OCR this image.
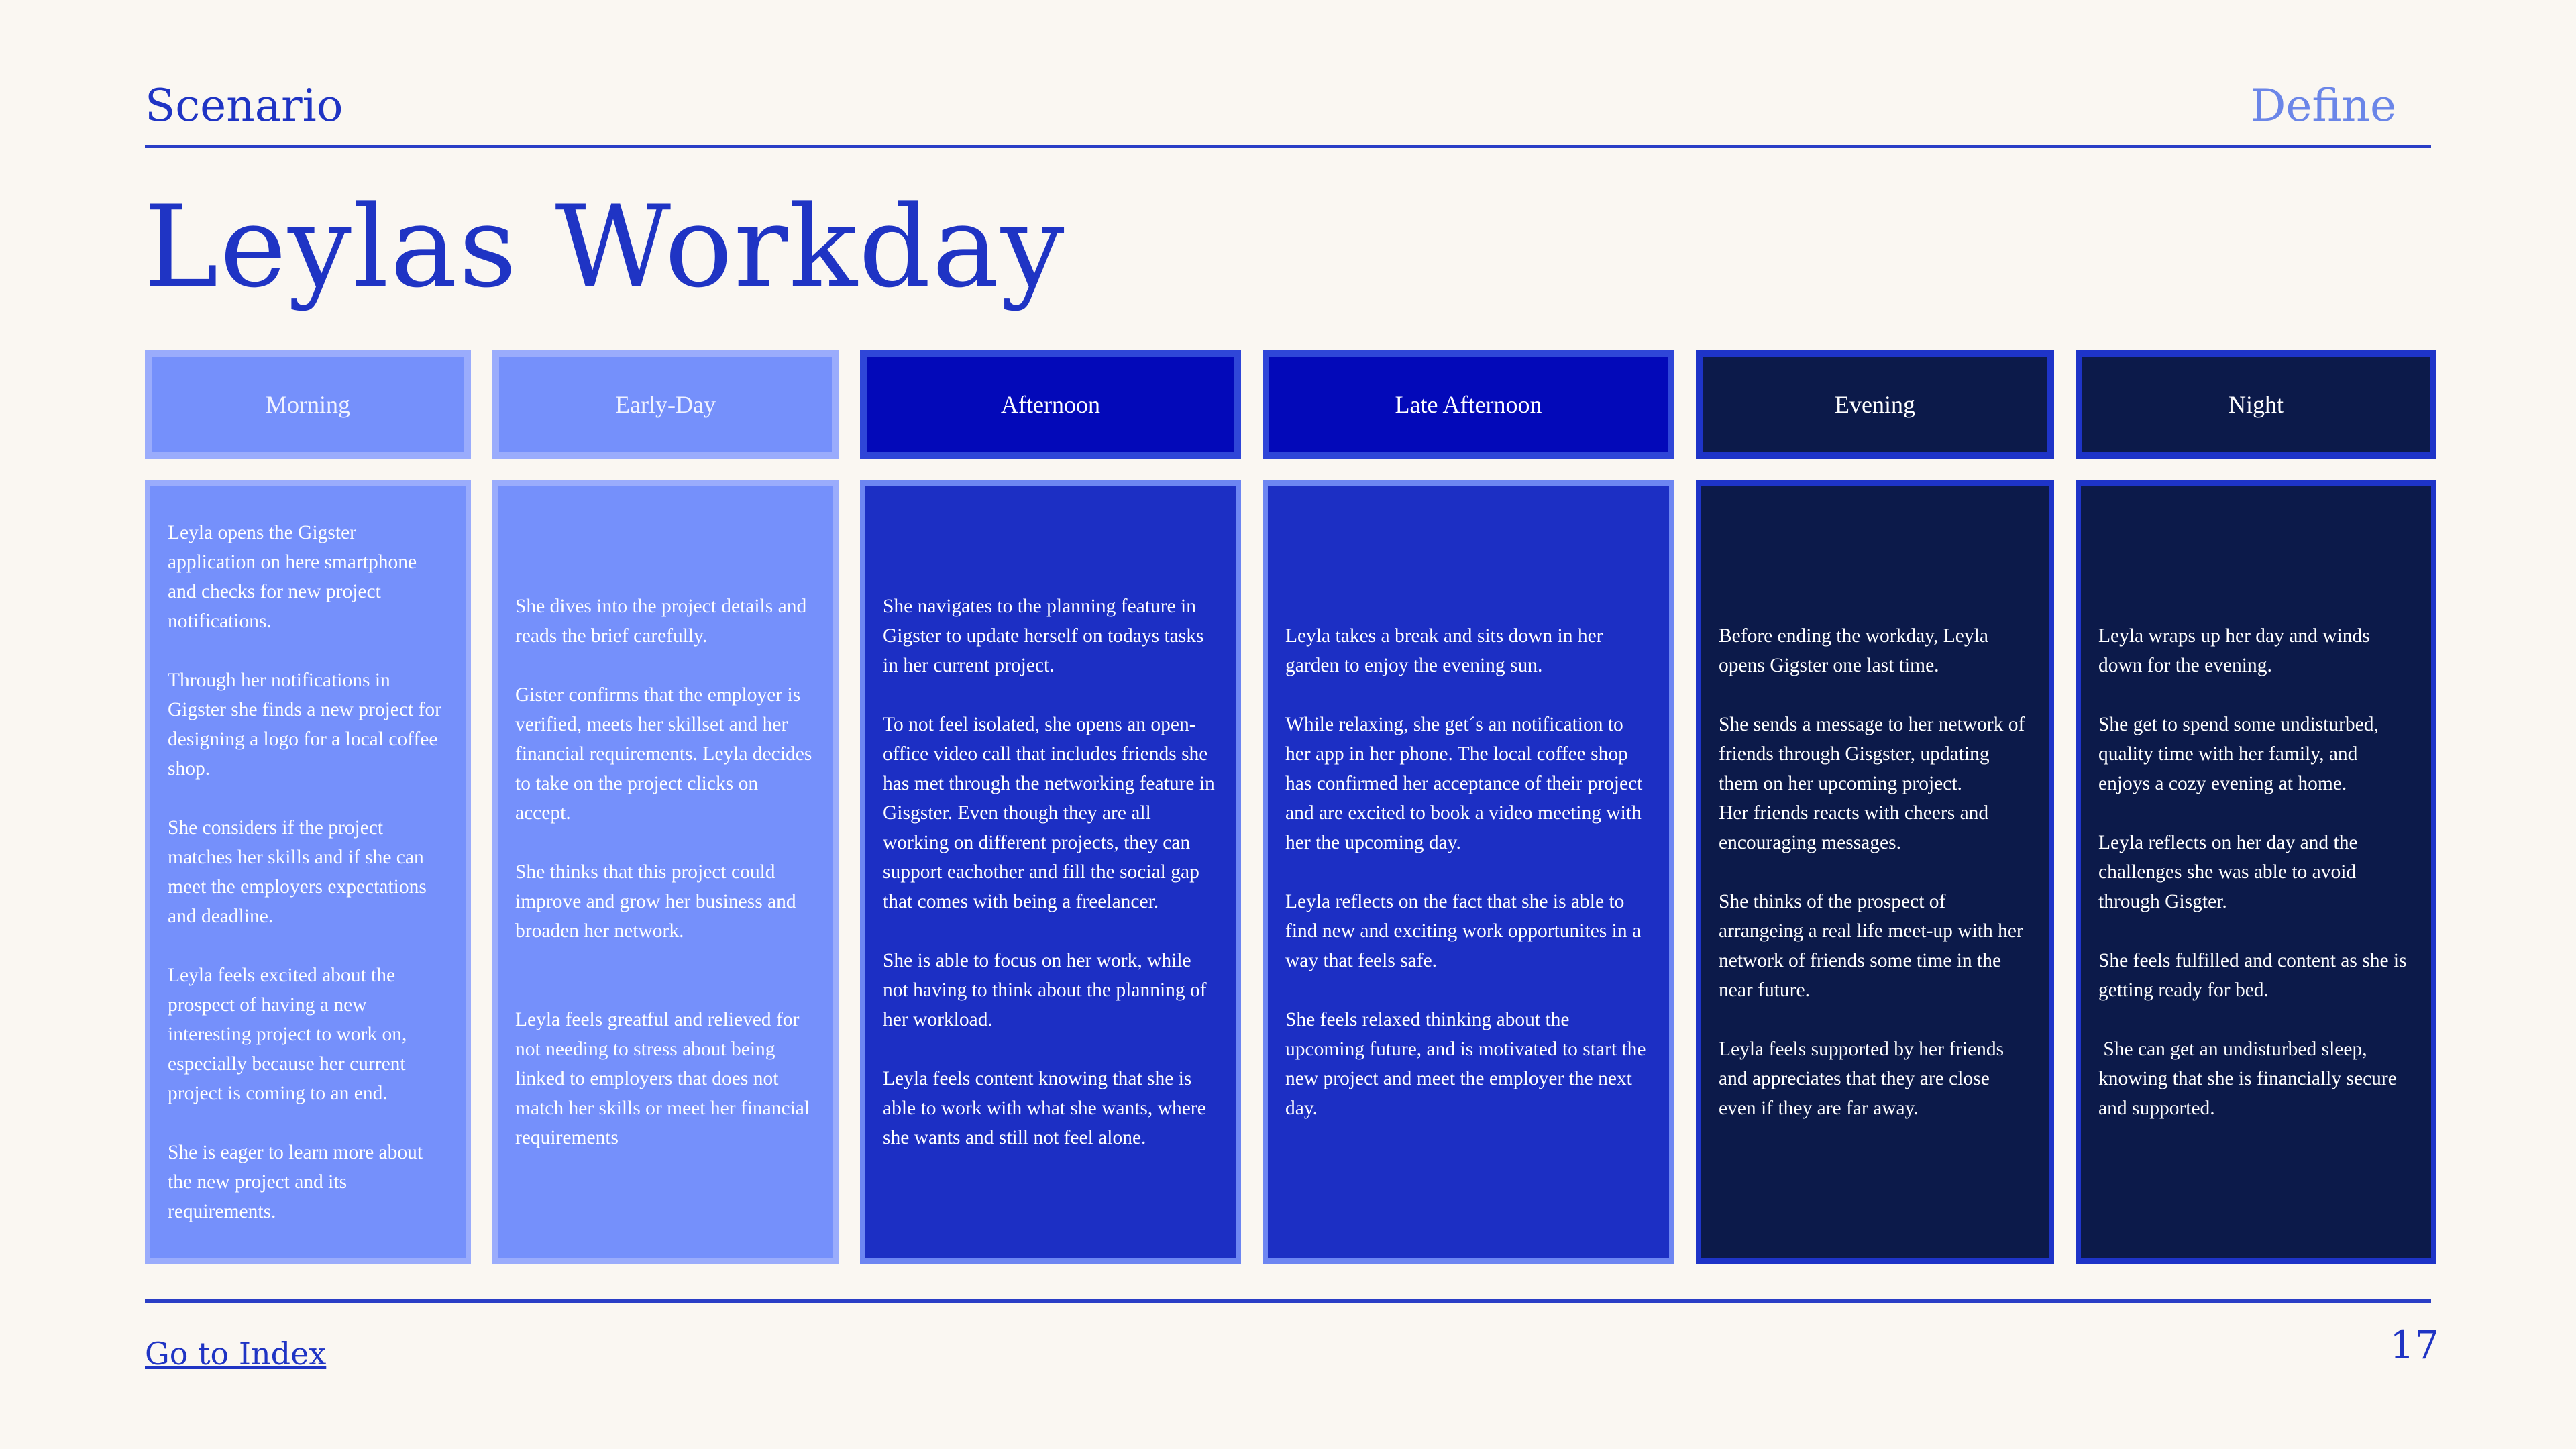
Scenario	Define
Leylas Workday
Morning
Leyla opens the Gigster application on here smartphone and checks for new project notifications.

Through her notifications in Gigster she finds a new project for designing a logo for a local coffee shop.

She considers if the project matches her skills and if she can meet the employers expectations and deadline.

Leyla feels excited about the prospect of having a new interesting project to work on, especially because her current project is coming to an end.

She is eager to learn more about the new project and its requirements.
Early-Day
She dives into the project details and reads the brief carefully.

Gister confirms that the employer is verified, meets her skillset and her financial requirements. Leyla decides to take on the project clicks on accept.

She thinks that this project could improve and grow her business and broaden her network.

Leyla feels greatful and relieved for not needing to stress about being linked to employers that does not match her skills or meet her financial requirements
Afternoon
She navigates to the planning feature in Gigster to update herself on todays tasks in her current project.

To not feel isolated, she opens an open-office video call that includes friends she has met through the networking feature in Gisgster. Even though they are all working on different projects, they can support eachother and fill the social gap that comes with being a freelancer.

She is able to focus on her work, while not having to think about the planning of her workload.

Leyla feels content knowing that she is able to work with what she wants, where she wants and still not feel alone.
Late Afternoon
Leyla takes a break and sits down in her garden to enjoy the evening sun.

While relaxing, she get´s an notification to her app in her phone. The local coffee shop has confirmed her acceptance of their project and are excited to book a video meeting with her the upcoming day.

Leyla reflects on the fact that she is able to find new and exciting work opportunites in a way that feels safe.

She feels relaxed thinking about the upcoming future, and is motivated to start the new project and meet the employer the next day.
Evening
Before ending the workday, Leyla opens Gigster one last time.

She sends a message to her network of friends through Gisgster, updating them on her upcoming project.
Her friends reacts with cheers and encouraging messages.

She thinks of the prospect of arrangeing a real life meet-up with her network of friends some time in the near future.

Leyla feels supported by her friends and appreciates that they are close even if they are far away.
Night
Leyla wraps up her day and winds down for the evening.

She get to spend some undisturbed, quality time with her family, and enjoys a cozy evening at home.

Leyla reflects on her day and the challenges she was able to avoid through Gisgter.

She feels fulfilled and content as she is getting ready for bed.

She can get an undisturbed sleep, knowing that she is financially secure and supported.
Go to Index	17
